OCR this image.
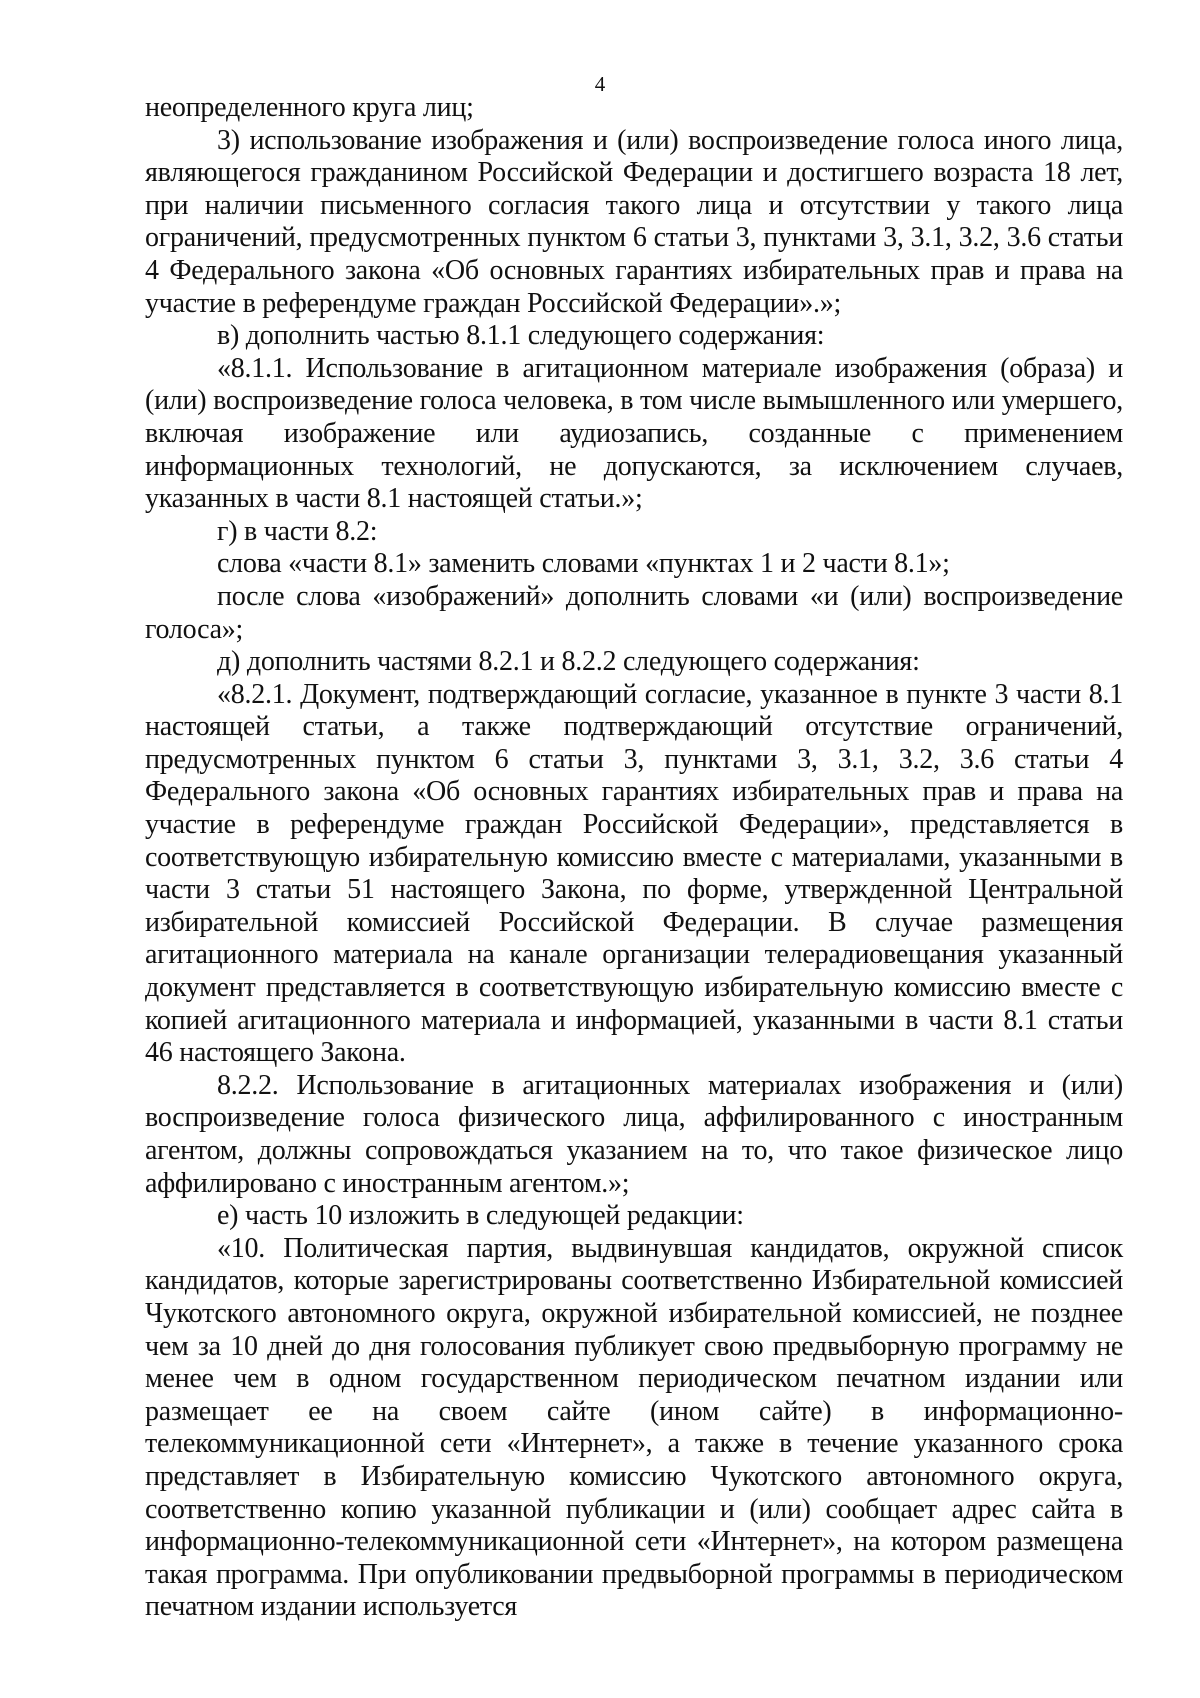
4

неопределенного круга лиц;

3) использование изображения и (или) воспроизведение голоса иного лица, являющегося гражданином Российской Федерации и достигшего возраста 18 лет, при наличии письменного согласия такого лица и отсутствии у такого лица ограничений, предусмотренных пунктом 6 статьи 3, пунктами 3, 3.1, 3.2, 3.6 статьи 4 Федерального закона «Об основных гарантиях избирательных прав и права на участие в референдуме граждан Российской Федерации».»;

в) дополнить частью 8.1.1 следующего содержания:

«8.1.1. Использование в агитационном материале изображения (образа) и (или) воспроизведение голоса человека, в том числе вымышленного или умершего, включая изображение или аудиозапись, созданные с применением информационных технологий, не допускаются, за исключением случаев, указанных в части 8.1 настоящей статьи.»;

г) в части 8.2:

слова «части 8.1» заменить словами «пунктах 1 и 2 части 8.1»;

после слова «изображений» дополнить словами «и (или) воспроизведение голоса»;

д) дополнить частями 8.2.1 и 8.2.2 следующего содержания:

«8.2.1. Документ, подтверждающий согласие, указанное в пункте 3 части 8.1 настоящей статьи, а также подтверждающий отсутствие ограничений, предусмотренных пунктом 6 статьи 3, пунктами 3, 3.1, 3.2, 3.6 статьи 4 Федерального закона «Об основных гарантиях избирательных прав и права на участие в референдуме граждан Российской Федерации», представляется в соответствующую избирательную комиссию вместе с материалами, указанными в части 3 статьи 51 настоящего Закона, по форме, утвержденной Центральной избирательной комиссией Российской Федерации. В случае размещения агитационного материала на канале организации телерадиовещания указанный документ представляется в соответствующую избирательную комиссию вместе с копией агитационного материала и информацией, указанными в части 8.1 статьи 46 настоящего Закона.

8.2.2. Использование в агитационных материалах изображения и (или) воспроизведение голоса физического лица, аффилированного с иностранным агентом, должны сопровождаться указанием на то, что такое физическое лицо аффилировано с иностранным агентом.»;

е) часть 10 изложить в следующей редакции:

«10. Политическая партия, выдвинувшая кандидатов, окружной список кандидатов, которые зарегистрированы соответственно Избирательной комиссией Чукотского автономного округа, окружной избирательной комиссией, не позднее чем за 10 дней до дня голосования публикует свою предвыборную программу не менее чем в одном государственном периодическом печатном издании или размещает ее на своем сайте (ином сайте) в информационно-телекоммуникационной сети «Интернет», а также в течение указанного срока представляет в Избирательную комиссию Чукотского автономного округа, соответственно копию указанной публикации и (или) сообщает адрес сайта в информационно-телекоммуникационной сети «Интернет», на котором размещена такая программа. При опубликовании предвыборной программы в периодическом печатном издании используется
